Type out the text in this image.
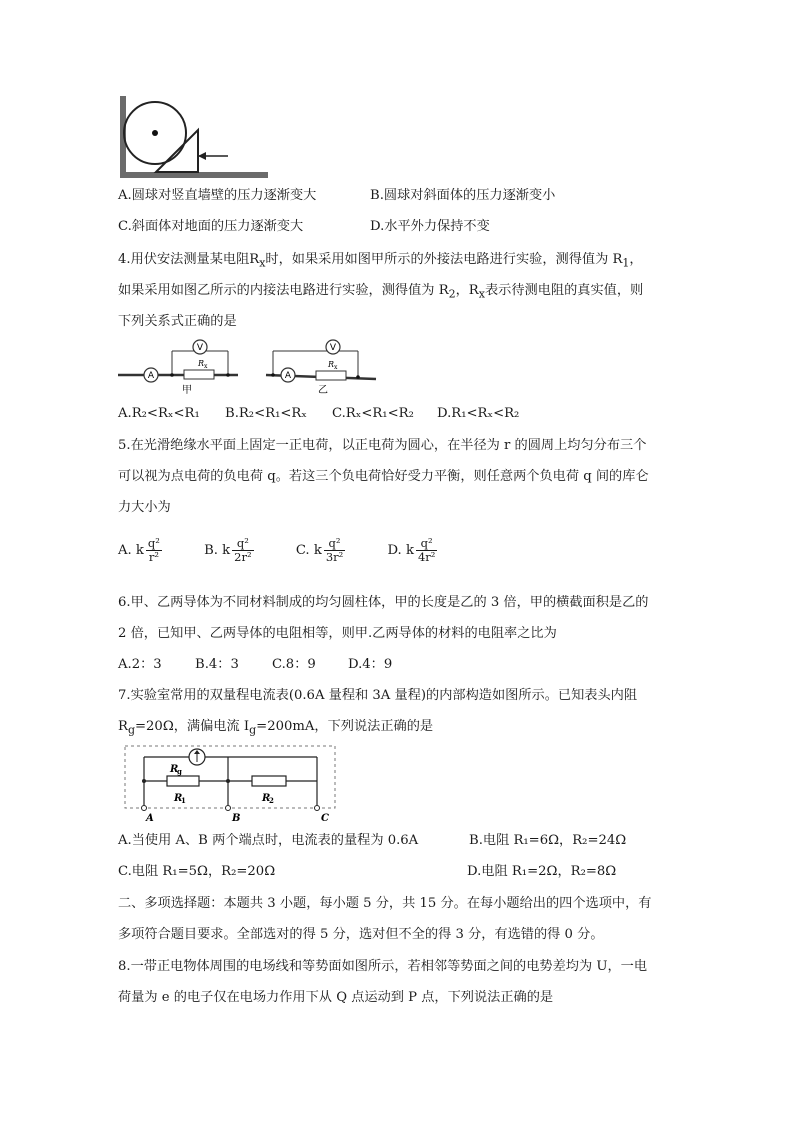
A.圆球对竖直墙壁的压力逐渐变大	B.圆球对斜面体的压力逐渐变小
C.斜面体对地面的压力逐渐变大	D.水平外力保持不变
4.用伏安法测量某电阻$R_x$时，如果采用如图甲所示的外接法电路进行实验，测得值为 $R_1$，
如果采用如图乙所示的内接法电路进行实验，测得值为 $R_2$，$R_x$表示待测电阻的真实值，则
下列关系式正确的是
A
V
R x
甲
A
V
R x
乙
A.R₂<Rₓ<R₁ B.R₂<R₁<Rₓ C.Rₓ<R₁<R₂ D.R₁<Rₓ<R₂
5.在光滑绝缘水平面上固定一正电荷，以正电荷为圆心，在半径为 r 的圆周上均匀分布三个
可以视为点电荷的负电荷 q。若这三个负电荷恰好受力平衡，则任意两个负电荷 q 间的库仑
力大小为
A. k $\frac{\text{q²}}{\text{r²}}$	B. k $\frac{\text{q²}}{\text{2r²}}$	C. k $\frac{\text{q²}}{\text{3r²}}$	D. k $\frac{\text{q²}}{\text{4r²}}$
6.甲、乙两导体为不同材料制成的均匀圆柱体，甲的长度是乙的 3 倍，甲的横截面积是乙的
2 倍，已知甲、乙两导体的电阻相等，则甲.乙两导体的材料的电阻率之比为
A.2：3	B.4：3	C.8：9 D.4：9
7.实验室常用的双量程电流表(0.6A 量程和 3A 量程)的内部构造如图所示。已知表头内阻
$R_g=20\Omega$，满偏电流 $I_g=200mA$，下列说法正确的是
R
g
R
1	R
2
A	B	C
A.当使用 A、B 两个端点时，电流表的量程为 0.6A	B.电阻 R₁=6Ω，R₂=24Ω
C.电阻 R₁=5Ω，R₂=20Ω	D.电阻 R₁=2Ω，R₂=8Ω
二、多项选择题：本题共 3 小题，每小题 5 分，共 15 分。在每小题给出的四个选项中，有
多项符合题目要求。全部选对的得 5 分，选对但不全的得 3 分，有选错的得 0 分。
8.一带正电物体周围的电场线和等势面如图所示，若相邻等势面之间的电势差均为 U，一电
荷量为 e 的电子仅在电场力作用下从 Q 点运动到 P 点，下列说法正确的是
